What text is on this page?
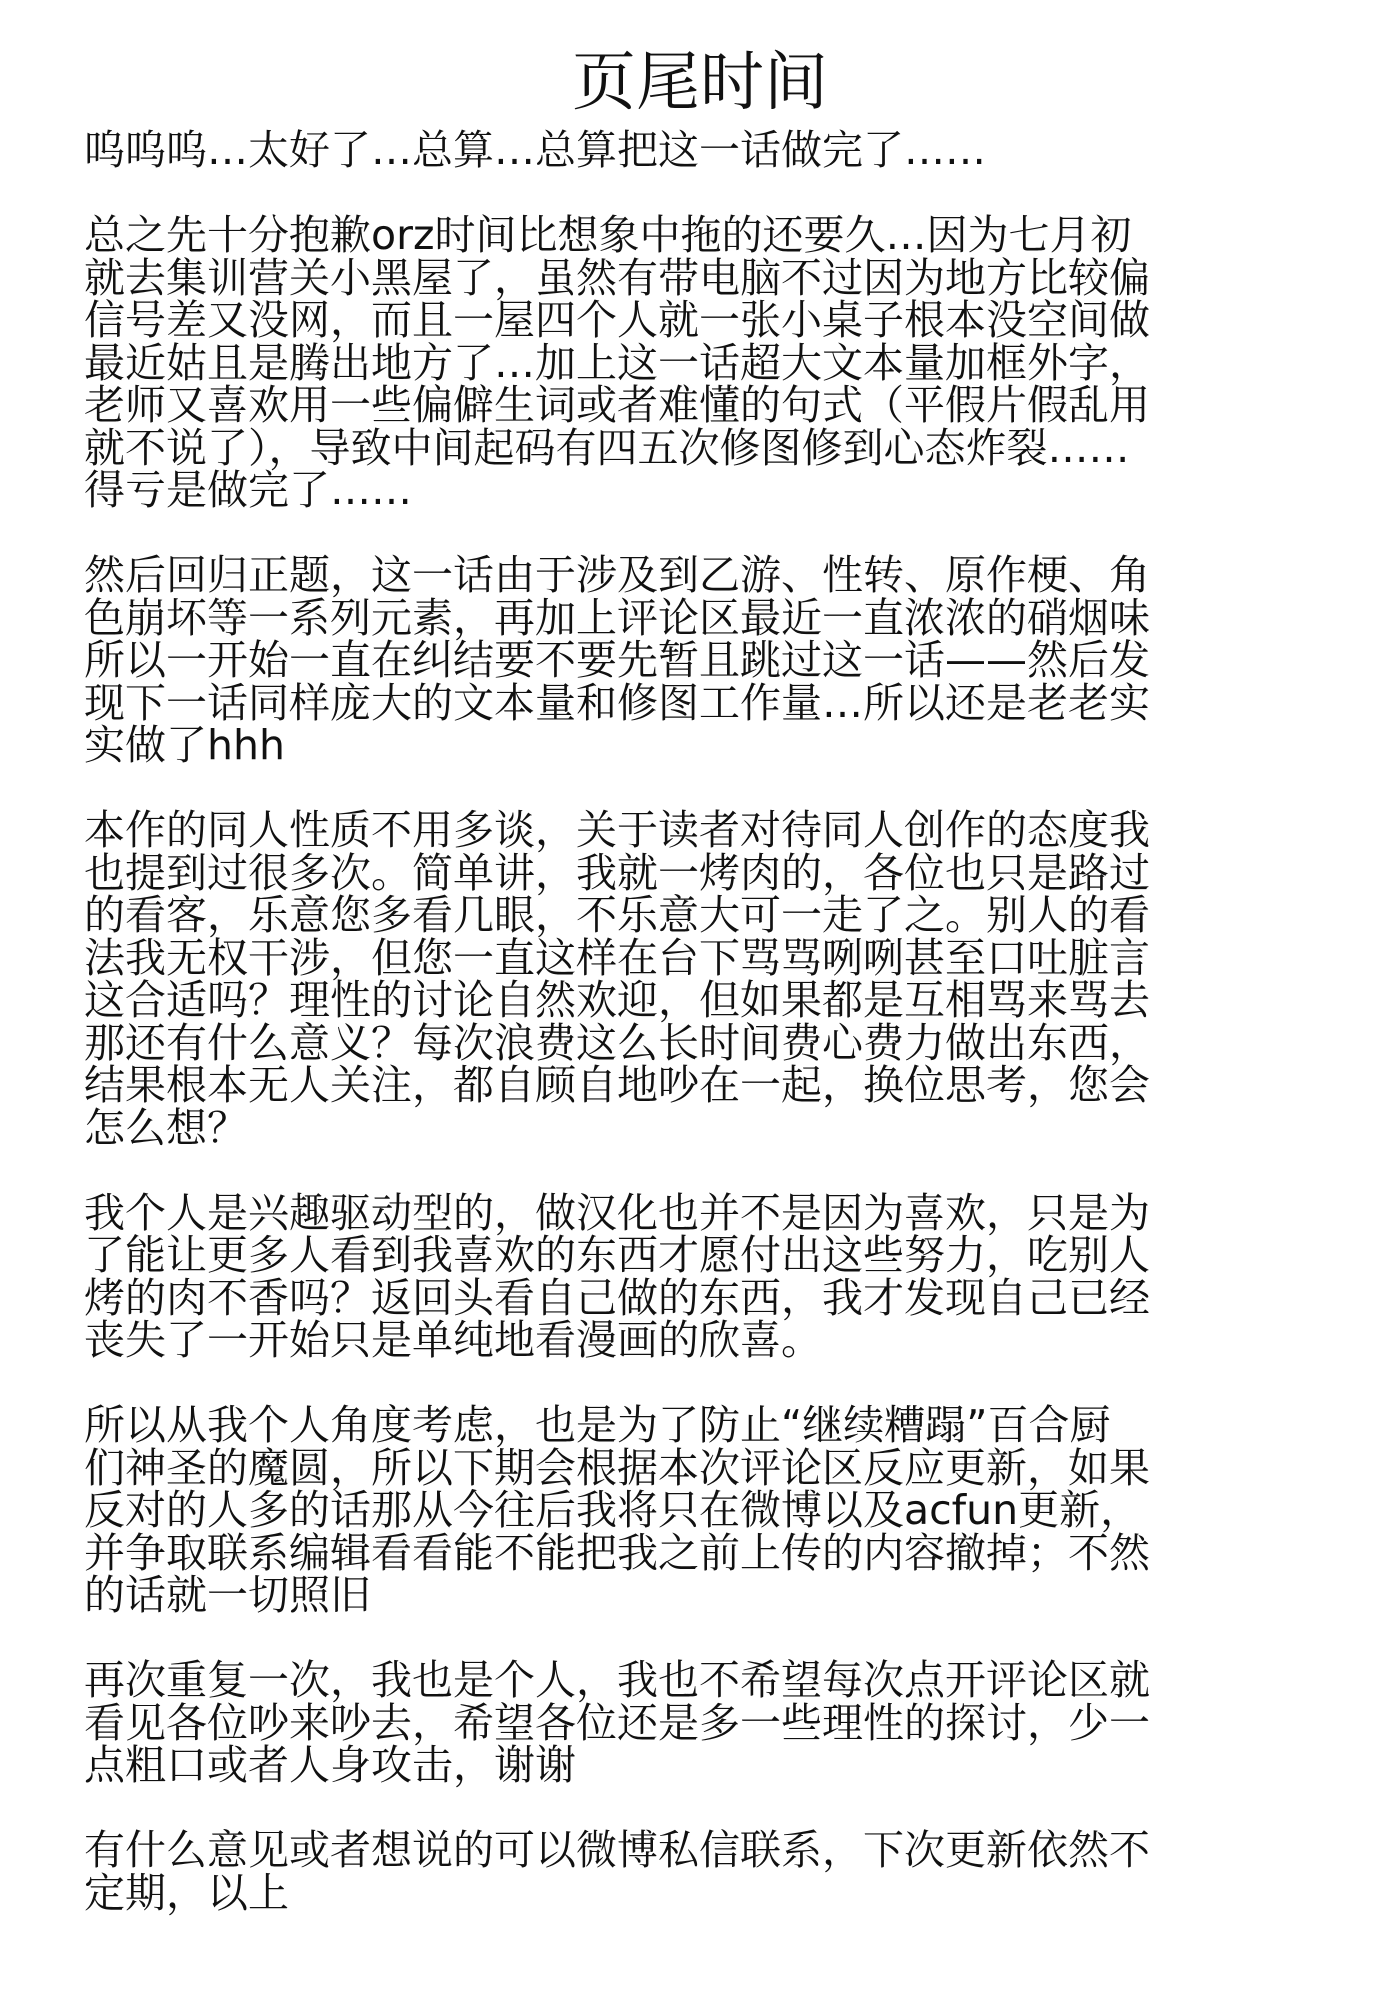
页尾时间
呜呜呜…太好了…总算…总算把这一话做完了……
总之先十分抱歉orz时间比想象中拖的还要久…因为七月初
就去集训营关小黑屋了，虽然有带电脑不过因为地方比较偏
信号差又没网，而且一屋四个人就一张小桌子根本没空间做
最近姑且是腾出地方了…加上这一话超大文本量加框外字，
老师又喜欢用一些偏僻生词或者难懂的句式（平假片假乱用
就不说了），导致中间起码有四五次修图修到心态炸裂……
得亏是做完了……
然后回归正题，这一话由于涉及到乙游、性转、原作梗、角
色崩坏等一系列元素，再加上评论区最近一直浓浓的硝烟味
所以一开始一直在纠结要不要先暂且跳过这一话——然后发
现下一话同样庞大的文本量和修图工作量…所以还是老老实
实做了hhh
本作的同人性质不用多谈，关于读者对待同人创作的态度我
也提到过很多次。简单讲，我就一烤肉的，各位也只是路过
的看客，乐意您多看几眼，不乐意大可一走了之。别人的看
法我无权干涉，但您一直这样在台下骂骂咧咧甚至口吐脏言
这合适吗？理性的讨论自然欢迎，但如果都是互相骂来骂去
那还有什么意义？每次浪费这么长时间费心费力做出东西，
结果根本无人关注，都自顾自地吵在一起，换位思考，您会
怎么想？
我个人是兴趣驱动型的，做汉化也并不是因为喜欢，只是为
了能让更多人看到我喜欢的东西才愿付出这些努力，吃别人
烤的肉不香吗？返回头看自己做的东西，我才发现自己已经
丧失了一开始只是单纯地看漫画的欣喜。
所以从我个人角度考虑，也是为了防止“继续糟蹋”百合厨
们神圣的魔圆，所以下期会根据本次评论区反应更新，如果
反对的人多的话那从今往后我将只在微博以及acfun更新，
并争取联系编辑看看能不能把我之前上传的内容撤掉；不然
的话就一切照旧
再次重复一次，我也是个人，我也不希望每次点开评论区就
看见各位吵来吵去，希望各位还是多一些理性的探讨，少一
点粗口或者人身攻击，谢谢
有什么意见或者想说的可以微博私信联系，下次更新依然不
定期，以上
